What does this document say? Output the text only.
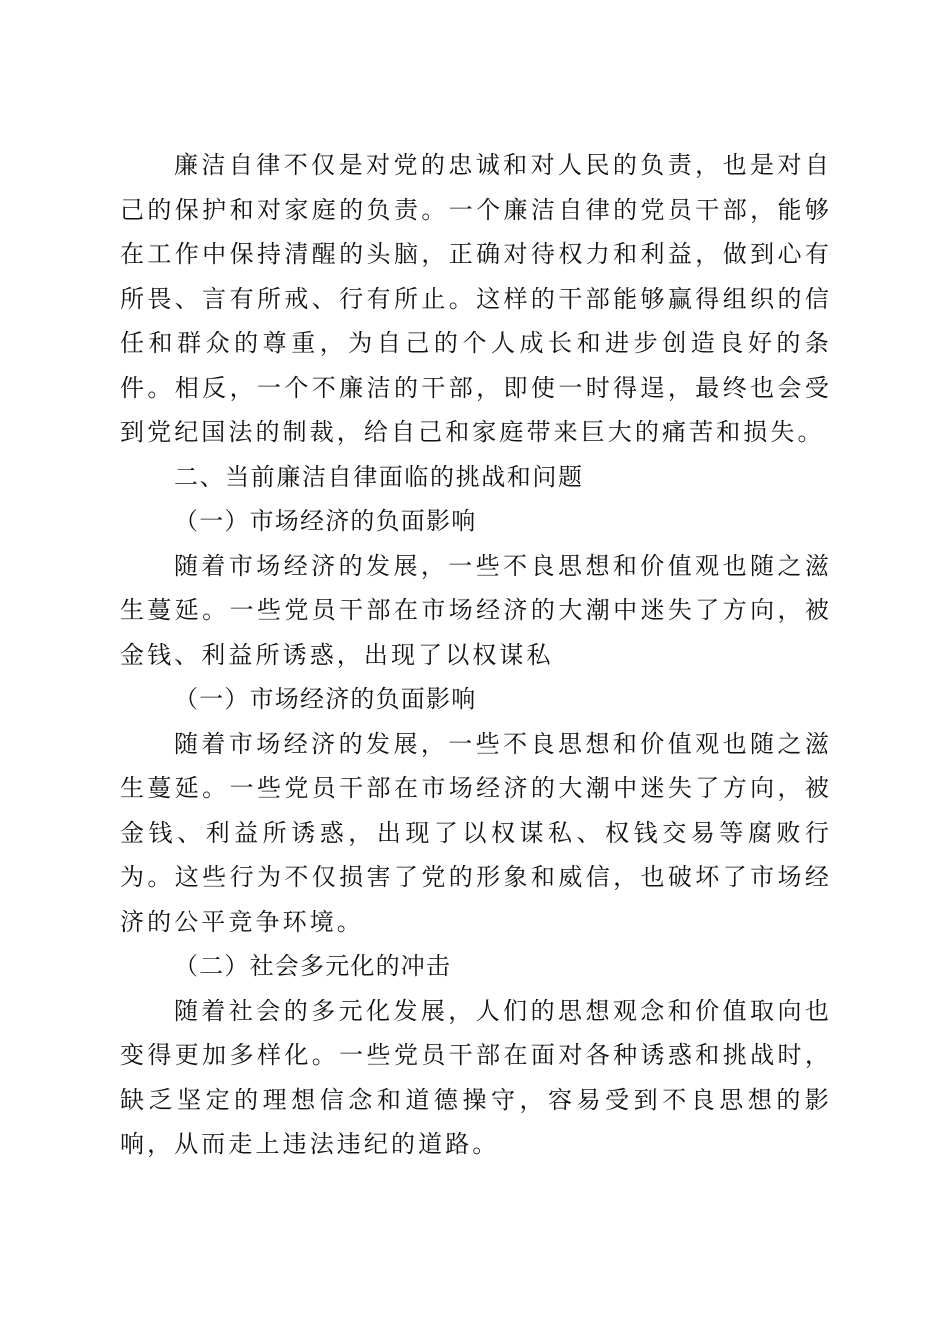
廉洁自律不仅是对党的忠诚和对人民的负责，也是对自己的保护和对家庭的负责。一个廉洁自律的党员干部，能够在工作中保持清醒的头脑，正确对待权力和利益，做到心有所畏、言有所戒、行有所止。这样的干部能够赢得组织的信任和群众的尊重，为自己的个人成长和进步创造良好的条件。相反，一个不廉洁的干部，即使一时得逞，最终也会受到党纪国法的制裁，给自己和家庭带来巨大的痛苦和损失。

二、当前廉洁自律面临的挑战和问题

（一）市场经济的负面影响

随着市场经济的发展，一些不良思想和价值观也随之滋生蔓延。一些党员干部在市场经济的大潮中迷失了方向，被金钱、利益所诱惑，出现了以权谋私

（一）市场经济的负面影响

随着市场经济的发展，一些不良思想和价值观也随之滋生蔓延。一些党员干部在市场经济的大潮中迷失了方向，被金钱、利益所诱惑，出现了以权谋私、权钱交易等腐败行为。这些行为不仅损害了党的形象和威信，也破坏了市场经济的公平竞争环境。

（二）社会多元化的冲击

随着社会的多元化发展，人们的思想观念和价值取向也变得更加多样化。一些党员干部在面对各种诱惑和挑战时，缺乏坚定的理想信念和道德操守，容易受到不良思想的影响，从而走上违法违纪的道路。
